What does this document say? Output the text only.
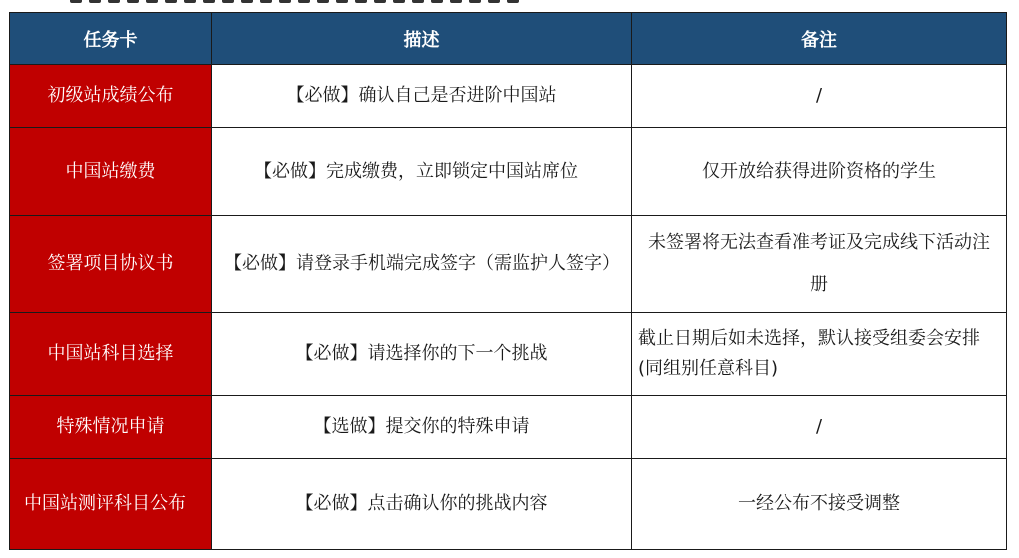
任务卡	描述	备注
初级站成绩公布	【必做】确认自己是否进阶中国站	/
中国站缴费	【必做】完成缴费，立即锁定中国站席位	仅开放给获得进阶资格的学生
签署项目协议书	【必做】请登录手机端完成签字（需监护人签字）	未签署将无法查看准考证及完成线下活动注册
中国站科目选择	【必做】请选择你的下一个挑战	截止日期后如未选择，默认接受组委会安排(同组别任意科目)
特殊情况申请	【选做】提交你的特殊申请	/
中国站测评科目公布	【必做】点击确认你的挑战内容	一经公布不接受调整
